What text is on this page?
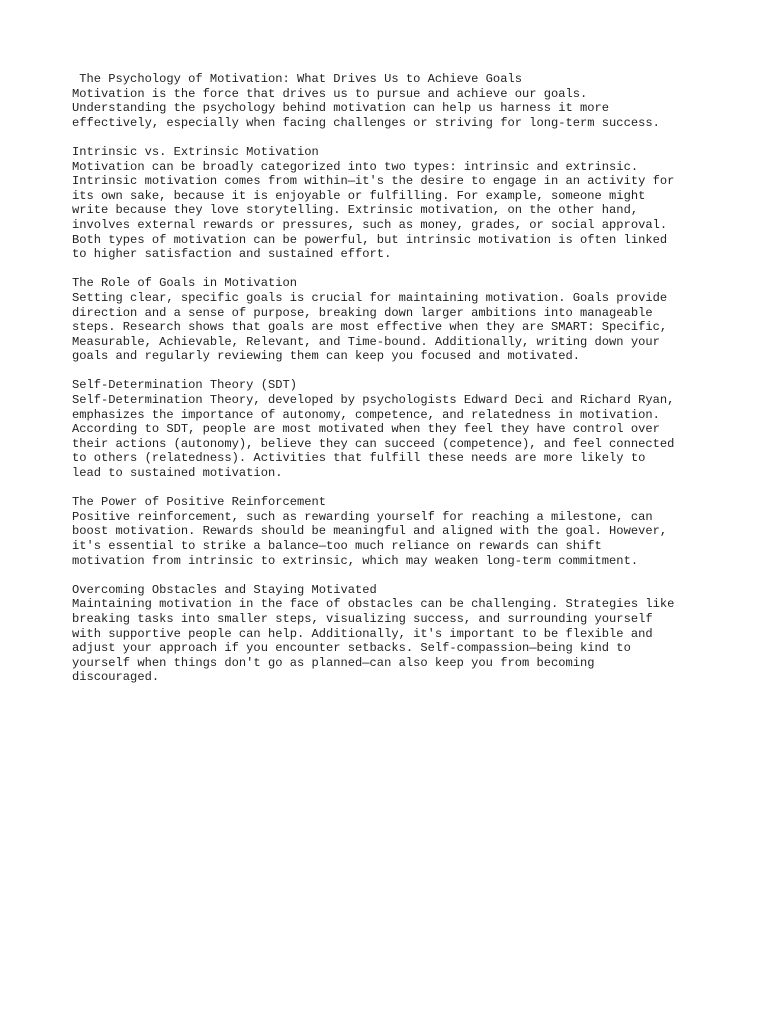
The Psychology of Motivation: What Drives Us to Achieve Goals
Motivation is the force that drives us to pursue and achieve our goals.
Understanding the psychology behind motivation can help us harness it more
effectively, especially when facing challenges or striving for long-term success.
Intrinsic vs. Extrinsic Motivation
Motivation can be broadly categorized into two types: intrinsic and extrinsic.
Intrinsic motivation comes from within—it's the desire to engage in an activity for
its own sake, because it is enjoyable or fulfilling. For example, someone might
write because they love storytelling. Extrinsic motivation, on the other hand,
involves external rewards or pressures, such as money, grades, or social approval.
Both types of motivation can be powerful, but intrinsic motivation is often linked
to higher satisfaction and sustained effort.
The Role of Goals in Motivation
Setting clear, specific goals is crucial for maintaining motivation. Goals provide
direction and a sense of purpose, breaking down larger ambitions into manageable
steps. Research shows that goals are most effective when they are SMART: Specific,
Measurable, Achievable, Relevant, and Time-bound. Additionally, writing down your
goals and regularly reviewing them can keep you focused and motivated.
Self-Determination Theory (SDT)
Self-Determination Theory, developed by psychologists Edward Deci and Richard Ryan,
emphasizes the importance of autonomy, competence, and relatedness in motivation.
According to SDT, people are most motivated when they feel they have control over
their actions (autonomy), believe they can succeed (competence), and feel connected
to others (relatedness). Activities that fulfill these needs are more likely to
lead to sustained motivation.
The Power of Positive Reinforcement
Positive reinforcement, such as rewarding yourself for reaching a milestone, can
boost motivation. Rewards should be meaningful and aligned with the goal. However,
it's essential to strike a balance—too much reliance on rewards can shift
motivation from intrinsic to extrinsic, which may weaken long-term commitment.
Overcoming Obstacles and Staying Motivated
Maintaining motivation in the face of obstacles can be challenging. Strategies like
breaking tasks into smaller steps, visualizing success, and surrounding yourself
with supportive people can help. Additionally, it's important to be flexible and
adjust your approach if you encounter setbacks. Self-compassion—being kind to
yourself when things don't go as planned—can also keep you from becoming
discouraged.
